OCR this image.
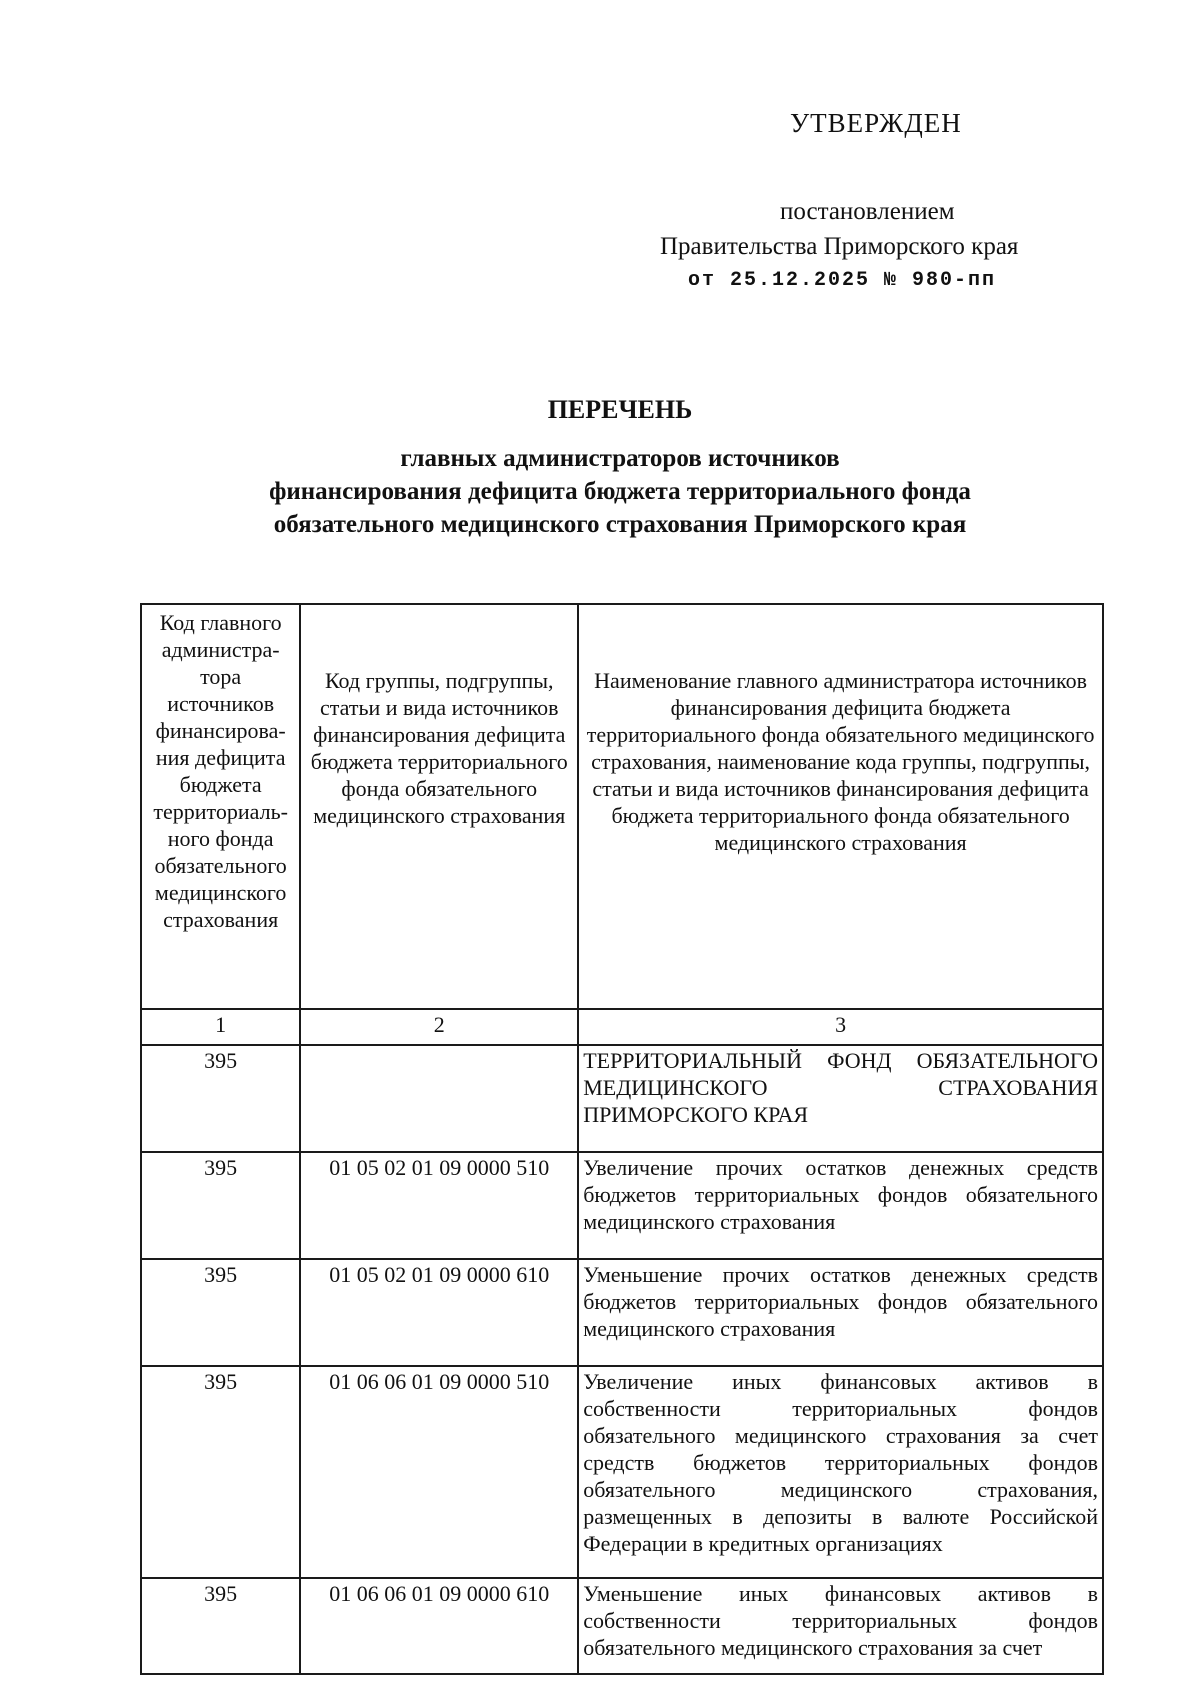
УТВЕРЖДЕН
постановлением
Правительства Приморского края
от 25.12.2025 № 980-пп
ПЕРЕЧЕНЬ
главных администраторов источников
финансирования дефицита бюджета территориального фонда
обязательного медицинского страхования Приморского края
Код главного администра-тора источников финансирова-ния дефицита бюджета территориаль-ного фонда обязательного медицинского страхования	Код группы, подгруппы, статьи и вида источников финансирования дефицита бюджета территориального фонда обязательного медицинского страхования	Наименование главного администратора источников финансирования дефицита бюджета территориального фонда обязательного медицинского страхования, наименование кода группы, подгруппы, статьи и вида источников финансирования дефицита бюджета территориального фонда обязательного медицинского страхования

1	2	3
395		ТЕРРИТОРИАЛЬНЫЙ ФОНД ОБЯЗАТЕЛЬНОГО МЕДИЦИНСКОГО СТРАХОВАНИЯ ПРИМОРСКОГО КРАЯ
395	01 05 02 01 09 0000 510	Увеличение прочих остатков денежных средств бюджетов территориальных фондов обязательного медицинского страхования
395	01 05 02 01 09 0000 610	Уменьшение прочих остатков денежных средств бюджетов территориальных фондов обязательного медицинского страхования
395	01 06 06 01 09 0000 510	Увеличение иных финансовых активов в собственности территориальных фондов обязательного медицинского страхования за счет средств бюджетов территориальных фондов обязательного медицинского страхования, размещенных в депозиты в валюте Российской Федерации в кредитных организациях
395	01 06 06 01 09 0000 610	Уменьшение иных финансовых активов в собственности территориальных фондов обязательного медицинского страхования за счет
